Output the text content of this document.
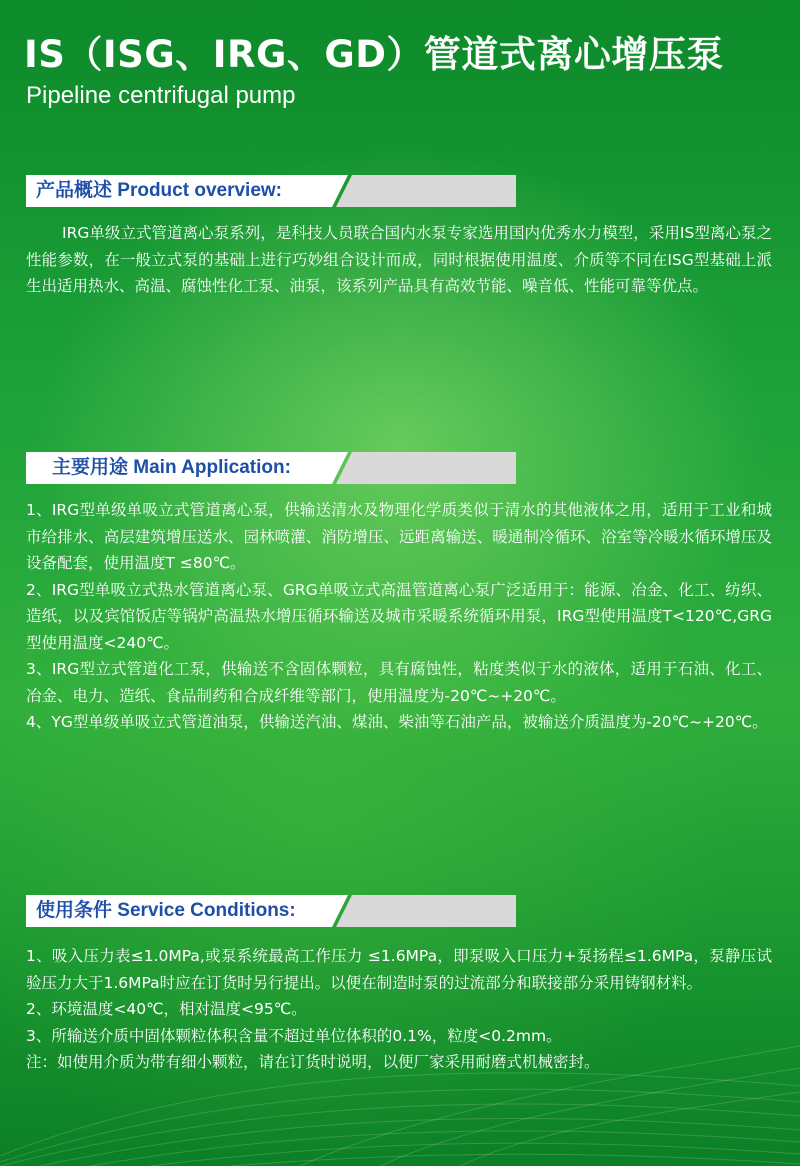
IS（ISG、IRG、GD）管道式离心增压泵
Pipeline centrifugal pump
产品概述 Product overview:

IRG单级立式管道离心泵系列，是科技人员联合国内水泵专家选用国内优秀水力模型，采用IS型离心泵之性能参数，在一般立式泵的基础上进行巧妙组合设计而成，同时根据使用温度、介质等不同在ISG型基础上派生出适用热水、高温、腐蚀性化工泵、油泵，该系列产品具有高效节能、噪音低、性能可靠等优点。

主要用途 Main Application:

1、IRG型单级单吸立式管道离心泵，供输送清水及物理化学质类似于清水的其他液体之用，适用于工业和城市给排水、高层建筑增压送水、园林喷灌、消防增压、远距离输送、暖通制冷循环、浴室等冷暖水循环增压及设备配套，使用温度T ≤80℃。

2、IRG型单吸立式热水管道离心泵、GRG单吸立式高温管道离心泵广泛适用于：能源、冶金、化工、纺织、造纸，以及宾馆饭店等锅炉高温热水增压循环输送及城市采暖系统循环用泵，IRG型使用温度T<120℃,GRG型使用温度<240℃。

3、IRG型立式管道化工泵，供输送不含固体颗粒，具有腐蚀性，粘度类似于水的液体，适用于石油、化工、冶金、电力、造纸、食品制药和合成纤维等部门，使用温度为-20℃~+20℃。

4、YG型单级单吸立式管道油泵，供输送汽油、煤油、柴油等石油产品，被输送介质温度为-20℃~+20℃。

使用条件 Service Conditions:

1、吸入压力表≤1.0MPa,或泵系统最高工作压力 ≤1.6MPa，即泵吸入口压力+泵扬程≤1.6MPa，泵静压试验压力大于1.6MPa时应在订货时另行提出。以便在制造时泵的过流部分和联接部分采用铸钢材料。

2、环境温度<40℃，相对温度<95℃。

3、所输送介质中固体颗粒体积含量不超过单位体积的0.1%，粒度<0.2mm。

注：如使用介质为带有细小颗粒，请在订货时说明，以便厂家采用耐磨式机械密封。
